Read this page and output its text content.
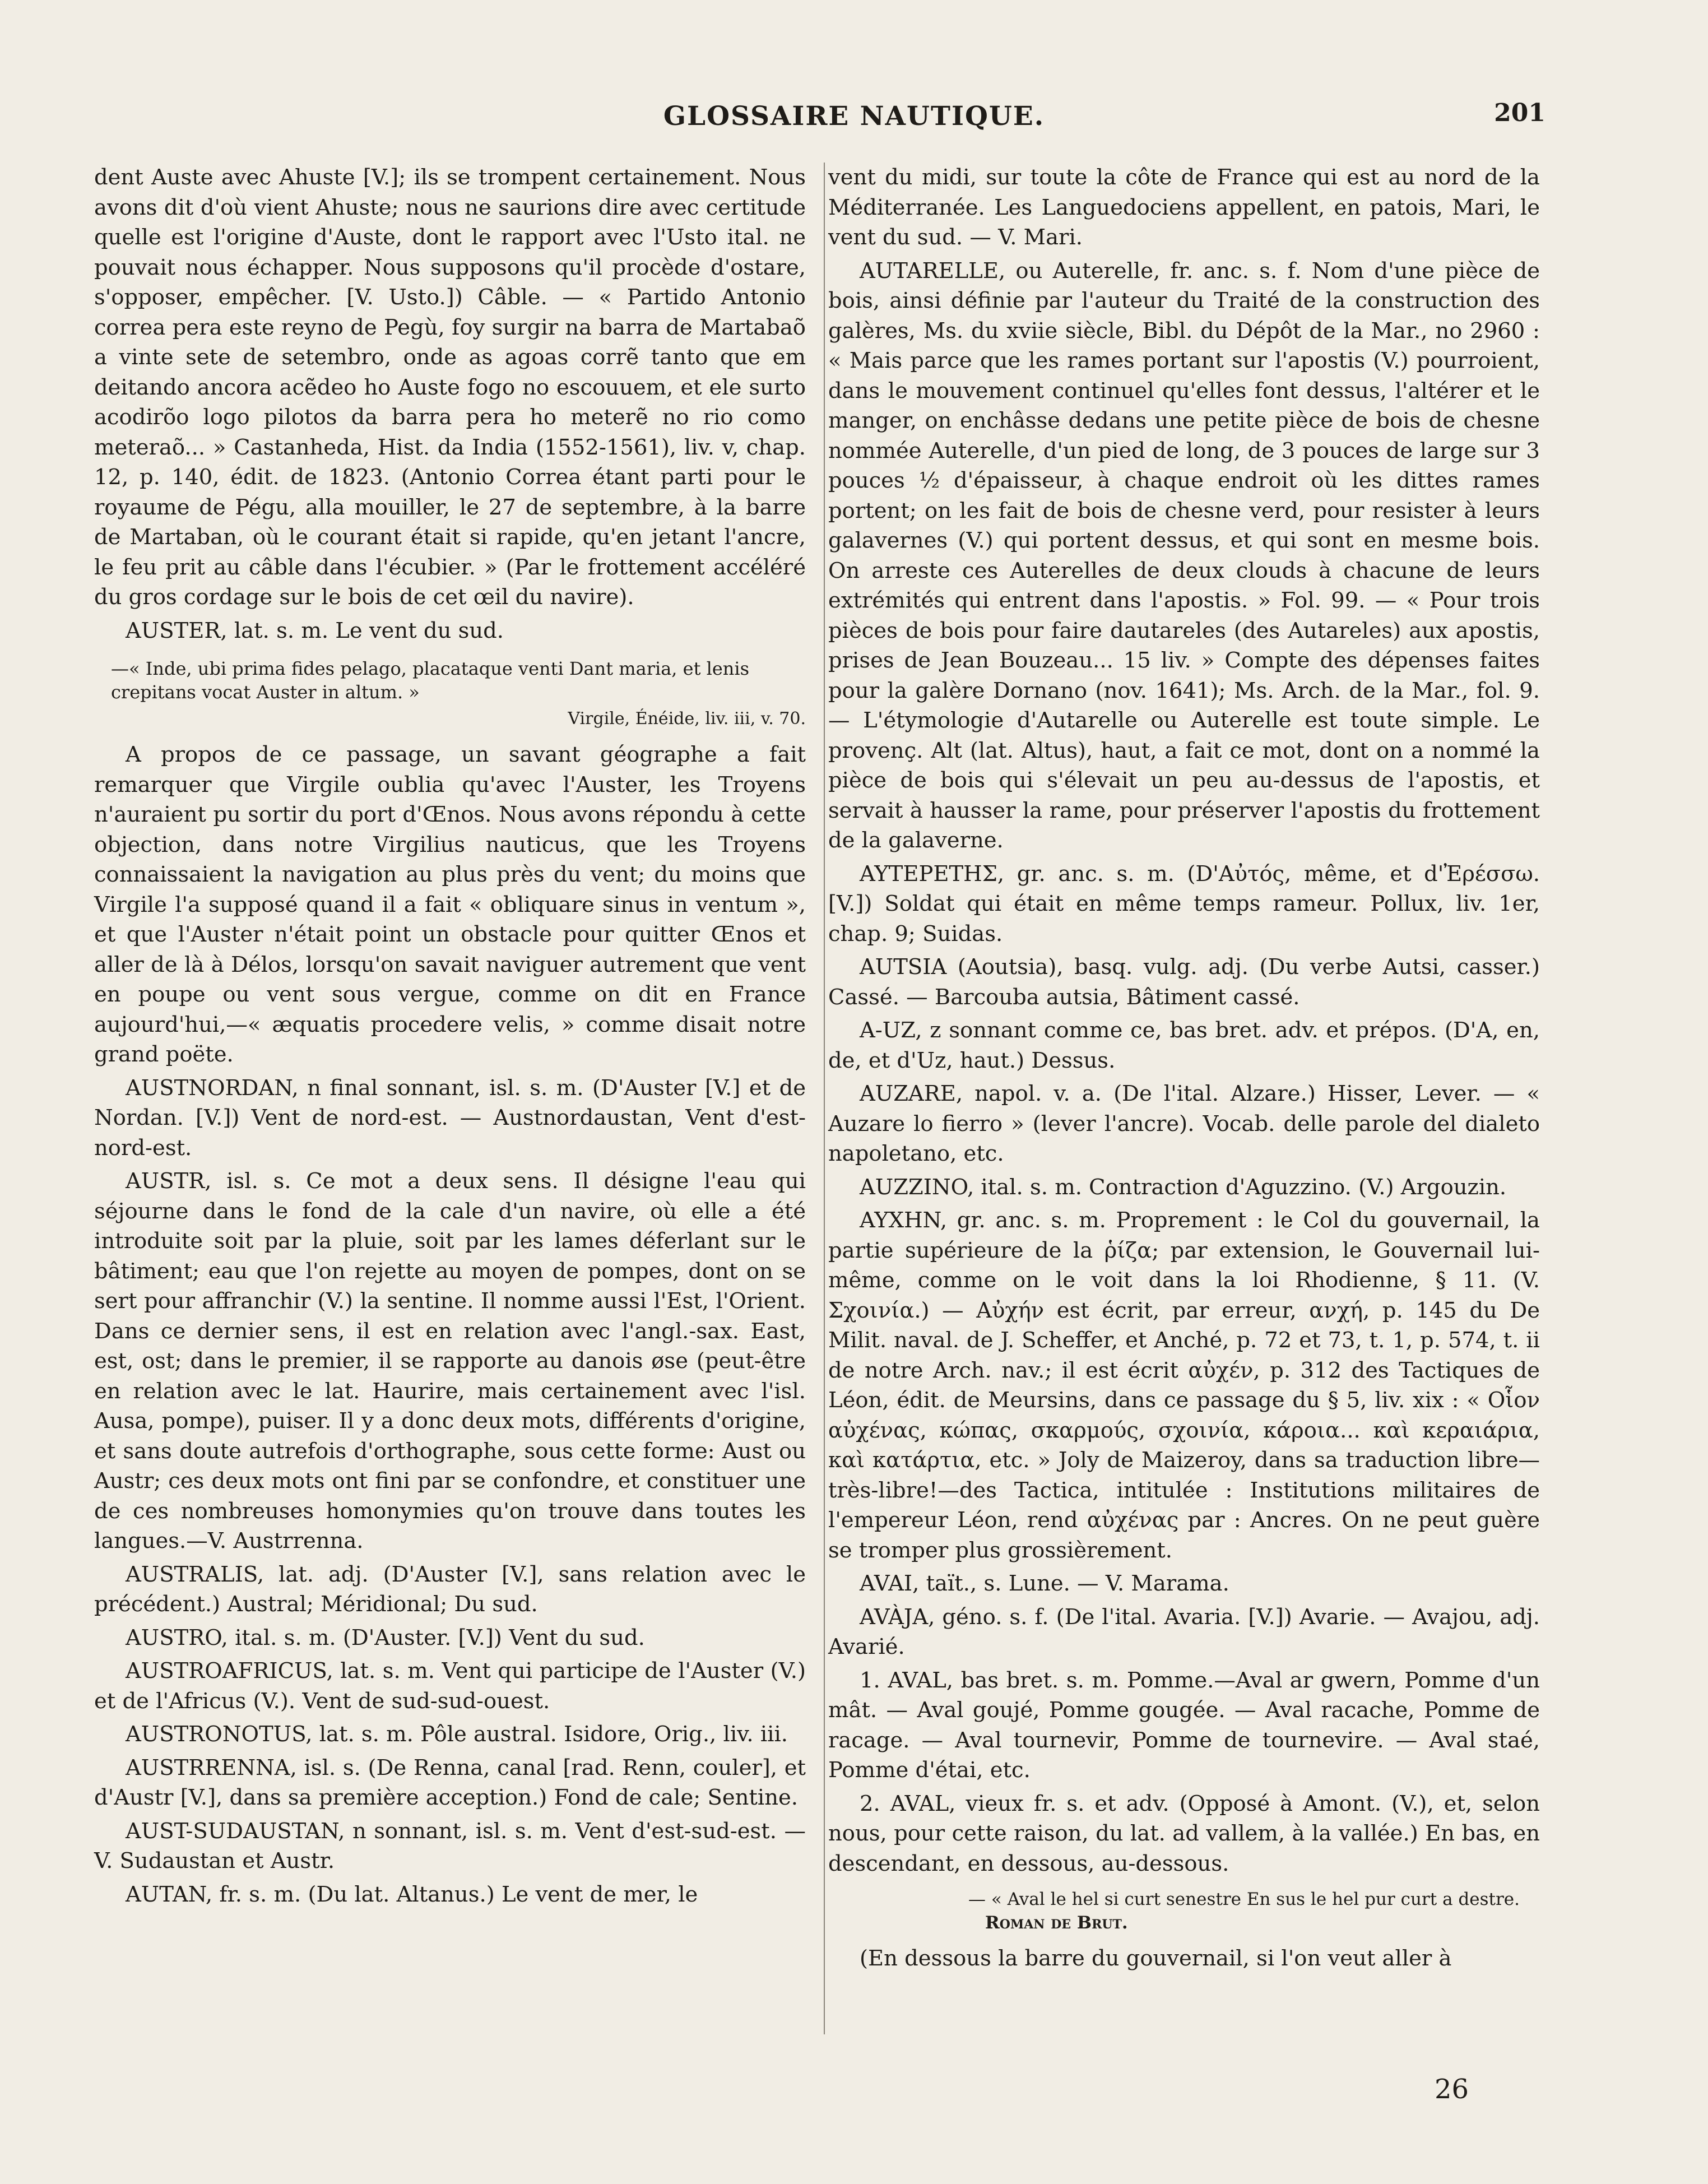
GLOSSAIRE NAUTIQUE.	201

dent Auste avec Ahuste [V.]; ils se trompent certainement. Nous avons dit d'où vient Ahuste; nous ne saurions dire avec certitude quelle est l'origine d'Auste, dont le rapport avec l'Usto ital. ne pouvait nous échapper. Nous supposons qu'il procède d'ostare, s'opposer, empêcher. [V. Usto.]) Câble. — « Partido Antonio correa pera este reyno de Pegù, foy surgir na barra de Martabaõ a vinte sete de setembro, onde as agoas corrẽ tanto que em deitando ancora acẽdeo ho Auste fogo no escouuem, et ele surto acodirõo logo pilotos da barra pera ho meterẽ no rio como meteraõ... » Castanheda, Hist. da India (1552-1561), liv. v, chap. 12, p. 140, édit. de 1823. (Antonio Correa étant parti pour le royaume de Pégu, alla mouiller, le 27 de septembre, à la barre de Martaban, où le courant était si rapide, qu'en jetant l'ancre, le feu prit au câble dans l'écubier. » (Par le frottement accéléré du gros cordage sur le bois de cet œil du navire).

AUSTER, lat. s. m. Le vent du sud.

—« Inde, ubi prima fides pelago, placataque venti Dant maria, et lenis crepitans vocat Auster in altum. »
Virgile, Énéide, liv. iii, v. 70.

A propos de ce passage, un savant géographe a fait remarquer que Virgile oublia qu'avec l'Auster, les Troyens n'auraient pu sortir du port d'Œnos. Nous avons répondu à cette objection, dans notre Virgilius nauticus, que les Troyens connaissaient la navigation au plus près du vent; du moins que Virgile l'a supposé quand il a fait « obliquare sinus in ventum », et que l'Auster n'était point un obstacle pour quitter Œnos et aller de là à Délos, lorsqu'on savait naviguer autrement que vent en poupe ou vent sous vergue, comme on dit en France aujourd'hui,—« æquatis procedere velis, » comme disait notre grand poëte.

AUSTNORDAN, n final sonnant, isl. s. m. (D'Auster [V.] et de Nordan. [V.]) Vent de nord-est. — Austnordaustan, Vent d'est-nord-est.

AUSTR, isl. s. Ce mot a deux sens. Il désigne l'eau qui séjourne dans le fond de la cale d'un navire, où elle a été introduite soit par la pluie, soit par les lames déferlant sur le bâtiment; eau que l'on rejette au moyen de pompes, dont on se sert pour affranchir (V.) la sentine. Il nomme aussi l'Est, l'Orient. Dans ce dernier sens, il est en relation avec l'angl.-sax. East, est, ost; dans le premier, il se rapporte au danois øse (peut-être en relation avec le lat. Haurire, mais certainement avec l'isl. Ausa, pompe), puiser. Il y a donc deux mots, différents d'origine, et sans doute autrefois d'orthographe, sous cette forme: Aust ou Austr; ces deux mots ont fini par se confondre, et constituer une de ces nombreuses homonymies qu'on trouve dans toutes les langues.—V. Austrrenna.

AUSTRALIS, lat. adj. (D'Auster [V.], sans relation avec le précédent.) Austral; Méridional; Du sud.

AUSTRO, ital. s. m. (D'Auster. [V.]) Vent du sud.

AUSTROAFRICUS, lat. s. m. Vent qui participe de l'Auster (V.) et de l'Africus (V.). Vent de sud-sud-ouest.

AUSTRONOTUS, lat. s. m. Pôle austral. Isidore, Orig., liv. iii.

AUSTRRENNA, isl. s. (De Renna, canal [rad. Renn, couler], et d'Austr [V.], dans sa première acception.) Fond de cale; Sentine.

AUST-SUDAUSTAN, n sonnant, isl. s. m. Vent d'est-sud-est. — V. Sudaustan et Austr.

AUTAN, fr. s. m. (Du lat. Altanus.) Le vent de mer, le

vent du midi, sur toute la côte de France qui est au nord de la Méditerranée. Les Languedociens appellent, en patois, Mari, le vent du sud. — V. Mari.

AUTARELLE, ou Auterelle, fr. anc. s. f. Nom d'une pièce de bois, ainsi définie par l'auteur du Traité de la construction des galères, Ms. du xviie siècle, Bibl. du Dépôt de la Mar., no 2960 : « Mais parce que les rames portant sur l'apostis (V.) pourroient, dans le mouvement continuel qu'elles font dessus, l'altérer et le manger, on enchâsse dedans une petite pièce de bois de chesne nommée Auterelle, d'un pied de long, de 3 pouces de large sur 3 pouces ½ d'épaisseur, à chaque endroit où les dittes rames portent; on les fait de bois de chesne verd, pour resister à leurs galavernes (V.) qui portent dessus, et qui sont en mesme bois. On arreste ces Auterelles de deux clouds à chacune de leurs extrémités qui entrent dans l'apostis. » Fol. 99. — « Pour trois pièces de bois pour faire dautareles (des Autareles) aux apostis, prises de Jean Bouzeau... 15 liv. » Compte des dépenses faites pour la galère Dornano (nov. 1641); Ms. Arch. de la Mar., fol. 9. — L'étymologie d'Autarelle ou Auterelle est toute simple. Le provenç. Alt (lat. Altus), haut, a fait ce mot, dont on a nommé la pièce de bois qui s'élevait un peu au-dessus de l'apostis, et servait à hausser la rame, pour préserver l'apostis du frottement de la galaverne.

AYTEPETHΣ, gr. anc. s. m. (D'Αὐτός, même, et d'Ἐρέσσω. [V.]) Soldat qui était en même temps rameur. Pollux, liv. 1er, chap. 9; Suidas.

AUTSIA (Aoutsia), basq. vulg. adj. (Du verbe Autsi, casser.) Cassé. — Barcouba autsia, Bâtiment cassé.

A-UZ, z sonnant comme ce, bas bret. adv. et prépos. (D'A, en, de, et d'Uz, haut.) Dessus.

AUZARE, napol. v. a. (De l'ital. Alzare.) Hisser, Lever. — « Auzare lo fierro » (lever l'ancre). Vocab. delle parole del dialeto napoletano, etc.

AUZZINO, ital. s. m. Contraction d'Aguzzino. (V.) Argouzin.

AYXHN, gr. anc. s. m. Proprement : le Col du gouvernail, la partie supérieure de la ῥίζα; par extension, le Gouvernail lui-même, comme on le voit dans la loi Rhodienne, § 11. (V. Σχοινία.) — Αὐχήν est écrit, par erreur, ανχή, p. 145 du De Milit. naval. de J. Scheffer, et Anché, p. 72 et 73, t. 1, p. 574, t. ii de notre Arch. nav.; il est écrit αὐχέν, p. 312 des Tactiques de Léon, édit. de Meursins, dans ce passage du § 5, liv. xix : « Οἷον αὐχένας, κώπας, σκαρμούς, σχοινία, κάροια... καὶ κεραιάρια, καὶ κατάρτια, etc. » Joly de Maizeroy, dans sa traduction libre—très-libre!—des Tactica, intitulée : Institutions militaires de l'empereur Léon, rend αὐχένας par : Ancres. On ne peut guère se tromper plus grossièrement.

AVAI, taït., s. Lune. — V. Marama.

AVÀJA, géno. s. f. (De l'ital. Avaria. [V.]) Avarie. — Avajou, adj. Avarié.

1. AVAL, bas bret. s. m. Pomme.—Aval ar gwern, Pomme d'un mât. — Aval goujé, Pomme gougée. — Aval racache, Pomme de racage. — Aval tournevir, Pomme de tournevire. — Aval staé, Pomme d'étai, etc.

2. AVAL, vieux fr. s. et adv. (Opposé à Amont. (V.), et, selon nous, pour cette raison, du lat. ad vallem, à la vallée.) En bas, en descendant, en dessous, au-dessous.

— « Aval le hel si curt senestre En sus le hel pur curt a destre. Roman de Brut.

(En dessous la barre du gouvernail, si l'on veut aller à

26
